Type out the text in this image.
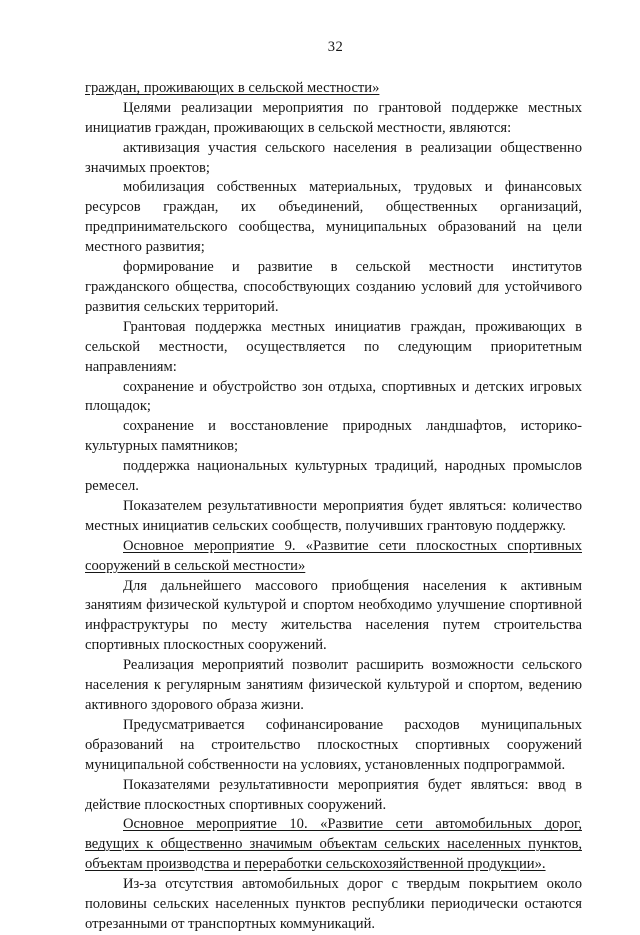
32

граждан, проживающих в сельской местности»

Целями реализации мероприятия по грантовой поддержке местных инициатив граждан, проживающих в сельской местности, являются:

активизация участия сельского населения в реализации общественно значимых проектов;

мобилизация собственных материальных, трудовых и финансовых ресурсов граждан, их объединений, общественных организаций, предпринимательского сообщества, муниципальных образований на цели местного развития;

формирование и развитие в сельской местности институтов гражданского общества, способствующих созданию условий для устойчивого развития сельских территорий.

Грантовая поддержка местных инициатив граждан, проживающих в сельской местности, осуществляется по следующим приоритетным направлениям:

сохранение и обустройство зон отдыха, спортивных и детских игровых площадок;

сохранение и восстановление природных ландшафтов, историко-культурных памятников;

поддержка национальных культурных традиций, народных промыслов ремесел.

Показателем результативности мероприятия будет являться: количество местных инициатив сельских сообществ, получивших грантовую поддержку.

Основное мероприятие 9. «Развитие сети плоскостных спортивных сооружений в сельской местности»

Для дальнейшего массового приобщения населения к активным занятиям физической культурой и спортом необходимо улучшение спортивной инфраструктуры по месту жительства населения путем строительства спортивных плоскостных сооружений.

Реализация мероприятий позволит расширить возможности сельского населения к регулярным занятиям физической культурой и спортом, ведению активного здорового образа жизни.

Предусматривается софинансирование расходов муниципальных образований на строительство плоскостных спортивных сооружений муниципальной собственности на условиях, установленных подпрограммой.

Показателями результативности мероприятия будет являться: ввод в действие плоскостных спортивных сооружений.

Основное мероприятие 10. «Развитие сети автомобильных дорог, ведущих к общественно значимым объектам сельских населенных пунктов, объектам производства и переработки сельскохозяйственной продукции».

Из-за отсутствия автомобильных дорог с твердым покрытием около половины сельских населенных пунктов республики периодически остаются отрезанными от транспортных коммуникаций.
